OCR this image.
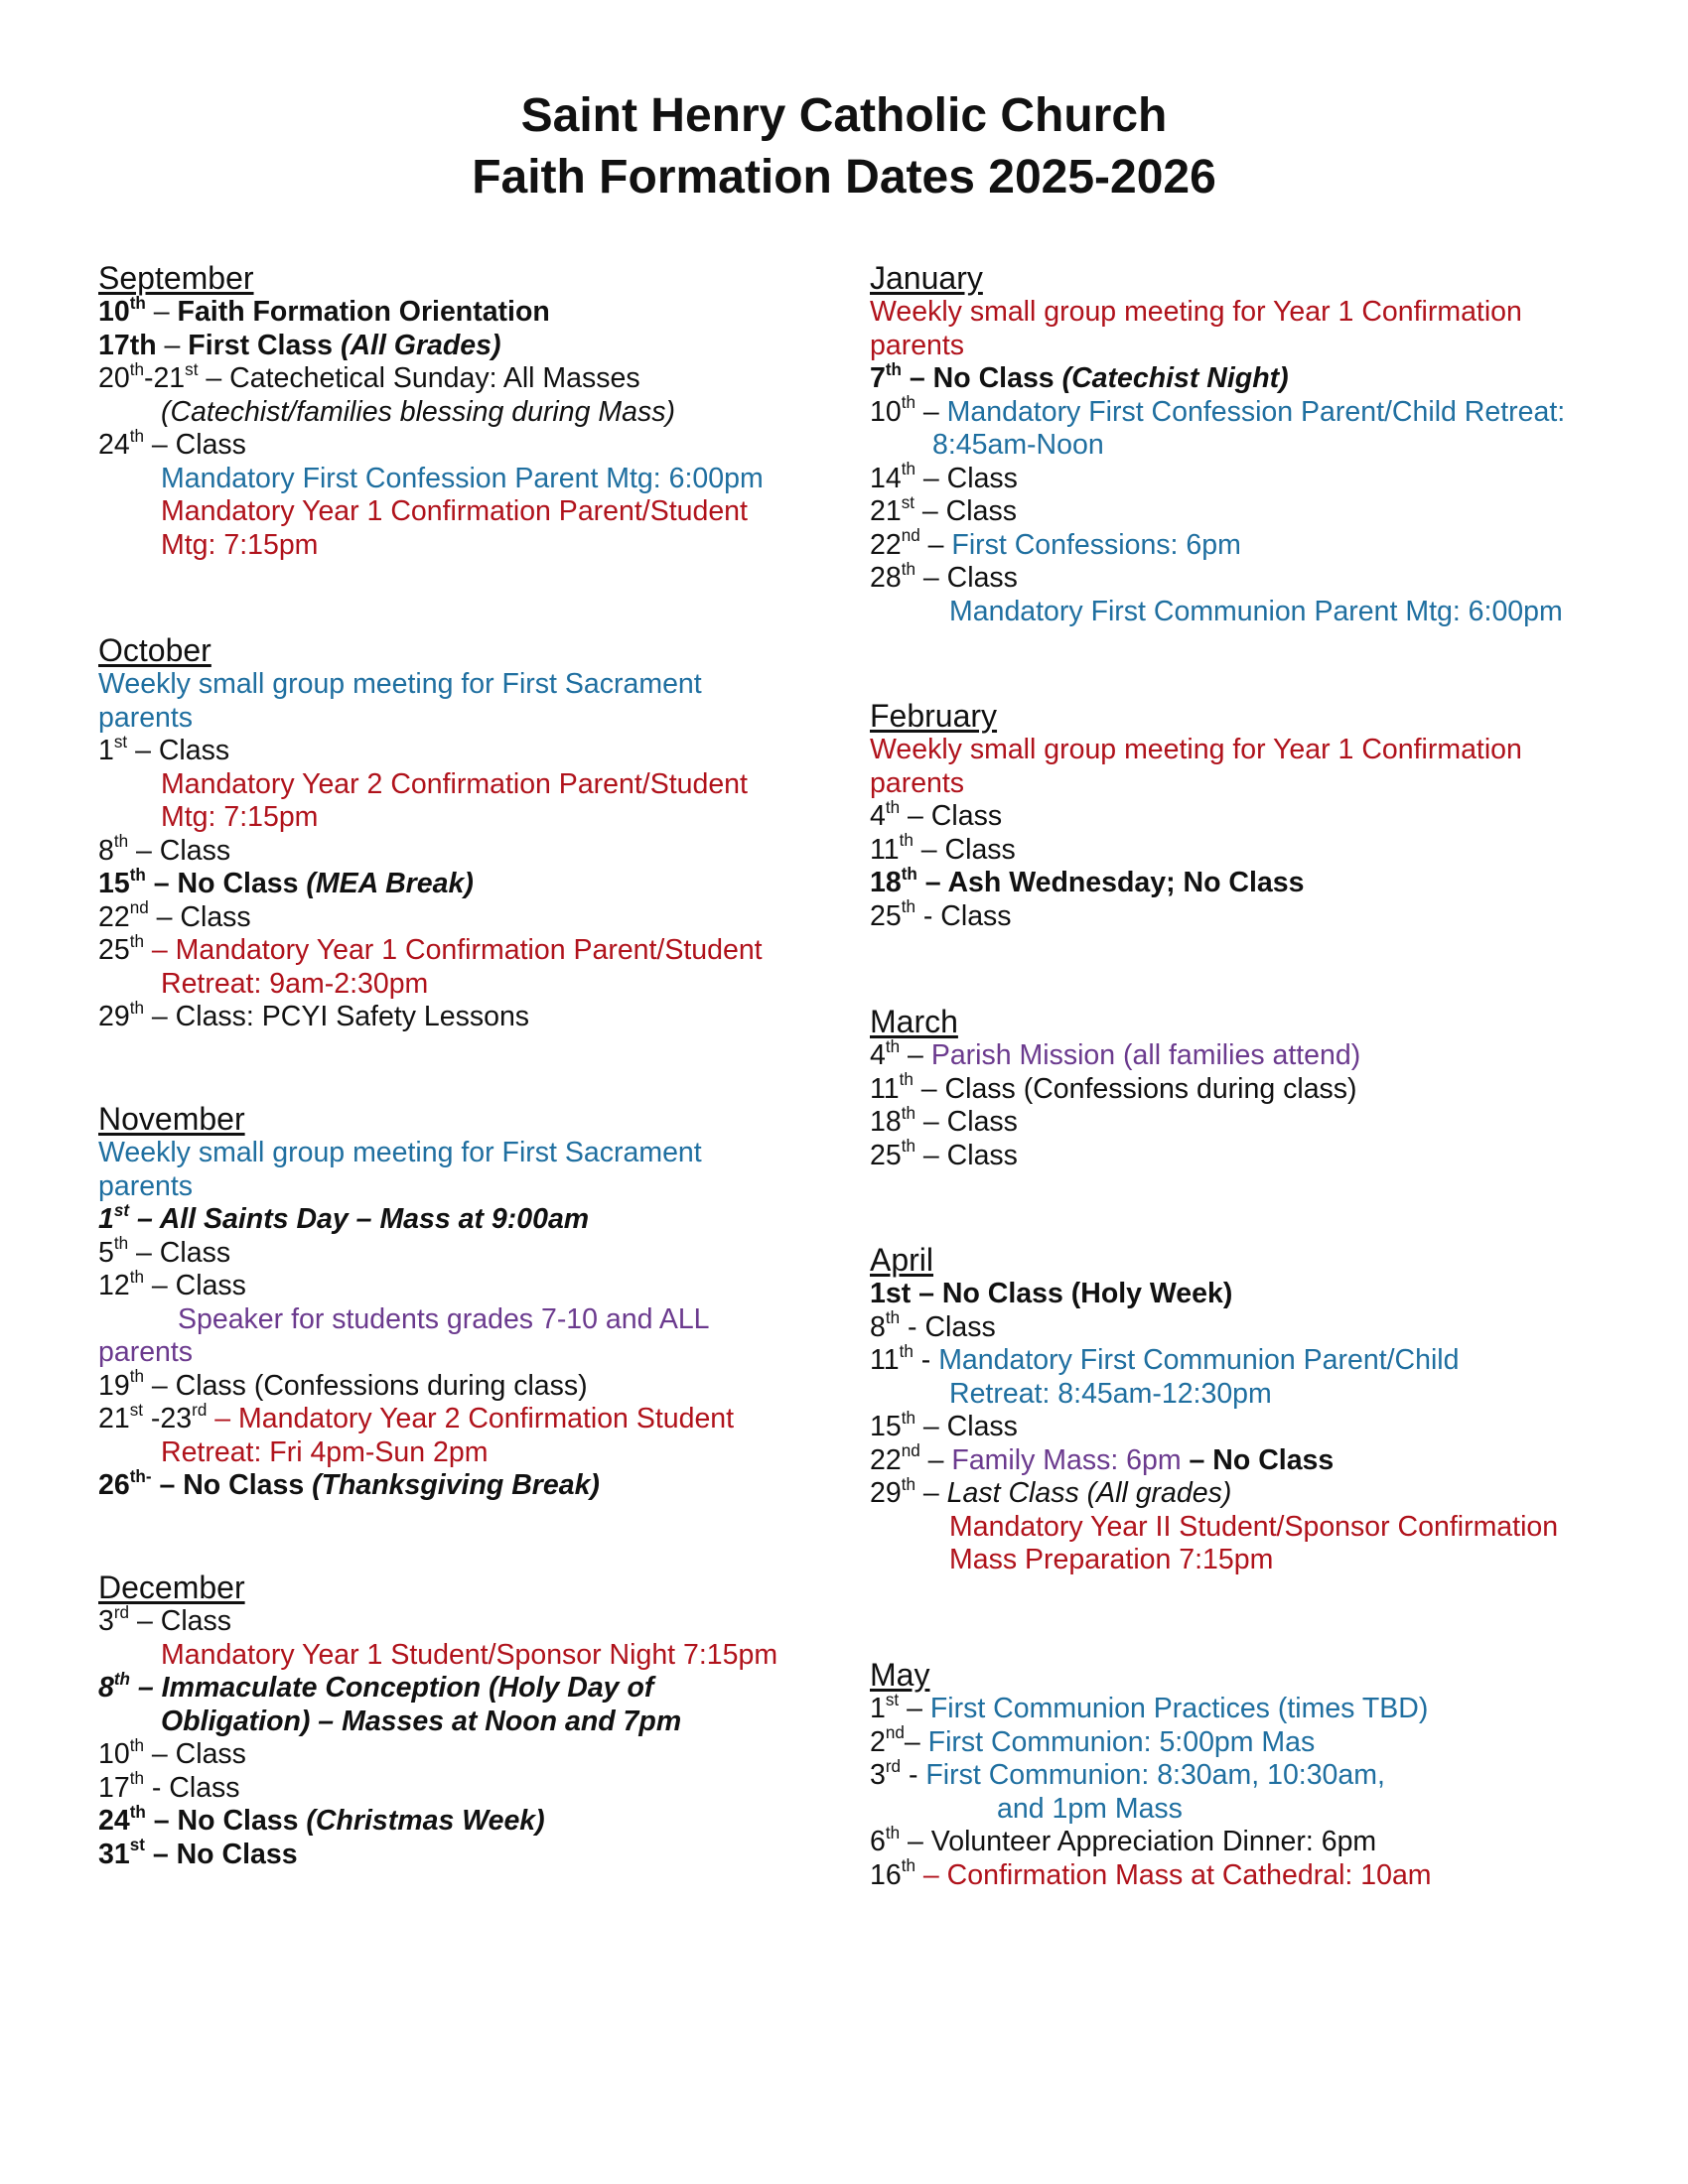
Saint Henry Catholic Church
Faith Formation Dates 2025-2026
September
10th – Faith Formation Orientation
17th – First Class (All Grades)
20th-21st – Catechetical Sunday: All Masses
(Catechist/families blessing during Mass)
24th – Class
Mandatory First Confession Parent Mtg: 6:00pm
Mandatory Year 1 Confirmation Parent/Student
Mtg: 7:15pm
October
Weekly small group meeting for First Sacrament
parents
1st – Class
Mandatory Year 2 Confirmation Parent/Student
Mtg: 7:15pm
8th – Class
15th – No Class (MEA Break)
22nd – Class
25th – Mandatory Year 1 Confirmation Parent/Student
Retreat: 9am-2:30pm
29th – Class: PCYI Safety Lessons
November
Weekly small group meeting for First Sacrament
parents
1st – All Saints Day – Mass at 9:00am
5th – Class
12th – Class
Speaker for students grades 7-10 and ALL
parents
19th – Class (Confessions during class)
21st -23rd – Mandatory Year 2 Confirmation Student
Retreat: Fri 4pm-Sun 2pm
$26^{th-}$ – No Class (Thanksgiving Break)
December
3rd – Class
Mandatory Year 1 Student/Sponsor Night 7:15pm
8th – Immaculate Conception (Holy Day of
Obligation) – Masses at Noon and 7pm
10th – Class
17th - Class
24th – No Class (Christmas Week)
31st – No Class
January
Weekly small group meeting for Year 1 Confirmation
parents
7th – No Class (Catechist Night)
10th – Mandatory First Confession Parent/Child Retreat:
8:45am-Noon
14th – Class
21st – Class
22nd – First Confessions: 6pm
28th – Class
Mandatory First Communion Parent Mtg: 6:00pm
February
Weekly small group meeting for Year 1 Confirmation
parents
4th – Class
11th – Class
18th – Ash Wednesday; No Class
25th - Class
March
4th – Parish Mission (all families attend)
11th – Class (Confessions during class)
18th – Class
25th – Class
April
1st – No Class (Holy Week)
8th - Class
11th - Mandatory First Communion Parent/Child
Retreat: 8:45am-12:30pm
15th – Class
22nd – Family Mass: 6pm – No Class
29th – Last Class (All grades)
Mandatory Year II Student/Sponsor Confirmation
Mass Preparation 7:15pm
May
1st – First Communion Practices (times TBD)
2nd– First Communion: 5:00pm Mas
3rd - First Communion: 8:30am, 10:30am,
and 1pm Mass
6th – Volunteer Appreciation Dinner: 6pm
16th – Confirmation Mass at Cathedral: 10am
